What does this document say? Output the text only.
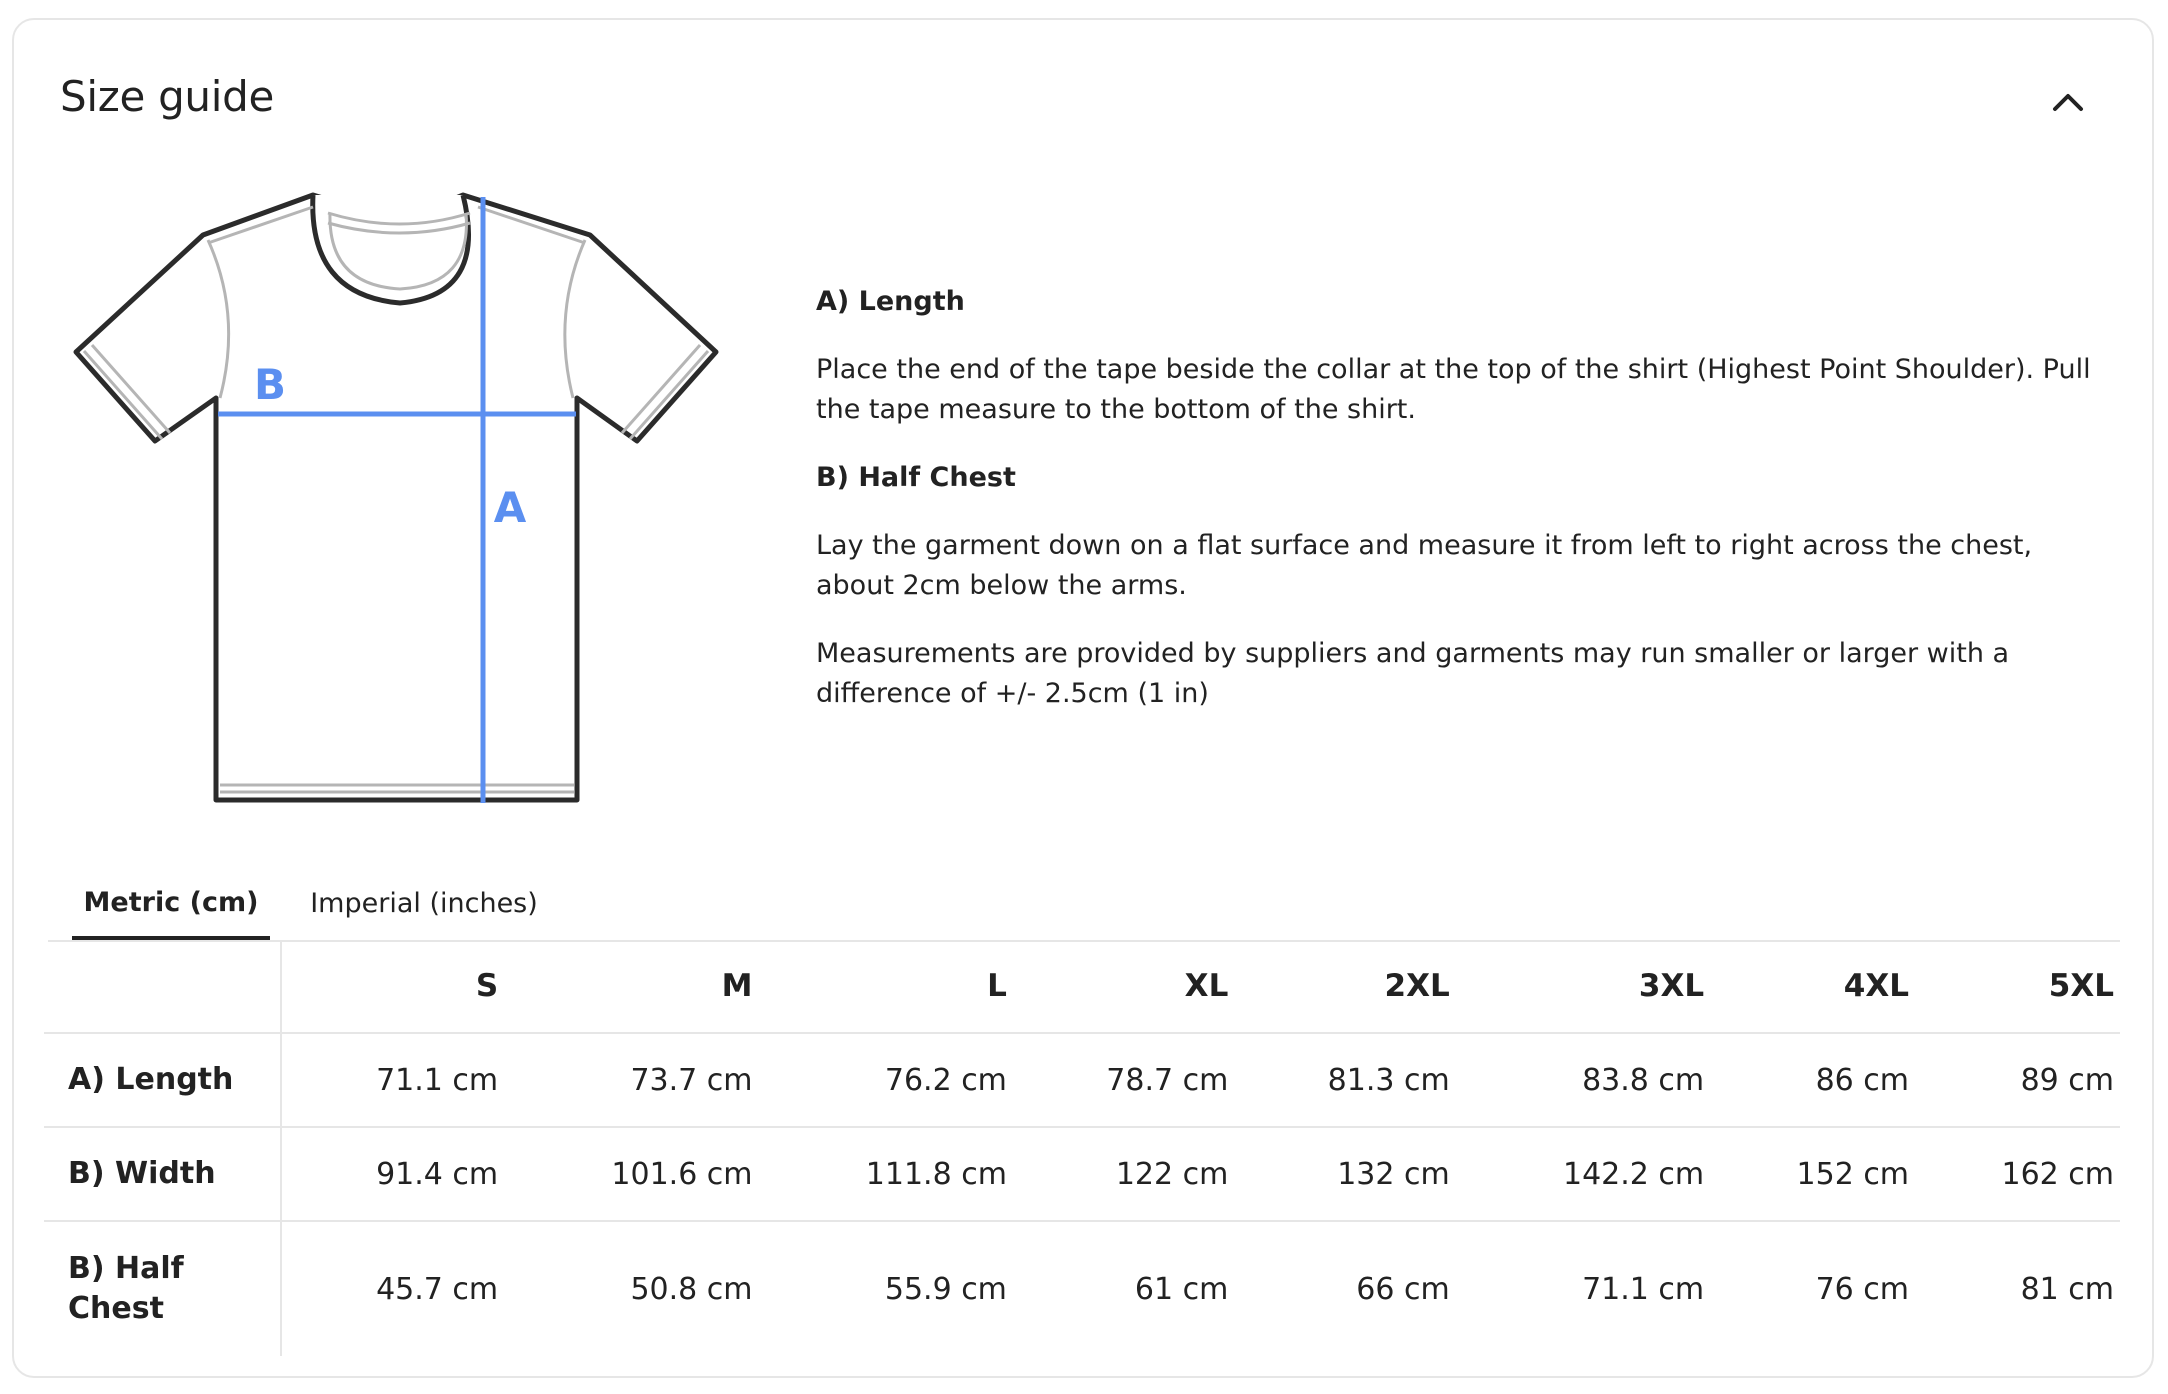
Size guide
B
A
A) Length

Place the end of the tape beside the collar at the top of the shirt (Highest Point Shoulder). Pull the tape measure to the bottom of the shirt.

B) Half Chest

Lay the garment down on a flat surface and measure it from left to right across the chest, about 2cm below the arms.

Measurements are provided by suppliers and garments may run smaller or larger with a difference of +/- 2.5cm (1 in)

Metric (cm)	Imperial (inches)
	S	M	L	XL	2XL	3XL	4XL	5XL
A) Length	71.1 cm	73.7 cm	76.2 cm	78.7 cm	81.3 cm	83.8 cm	86 cm	89 cm
B) Width	91.4 cm	101.6 cm	111.8 cm	122 cm	132 cm	142.2 cm	152 cm	162 cm
B) Half Chest	45.7 cm	50.8 cm	55.9 cm	61 cm	66 cm	71.1 cm	76 cm	81 cm
